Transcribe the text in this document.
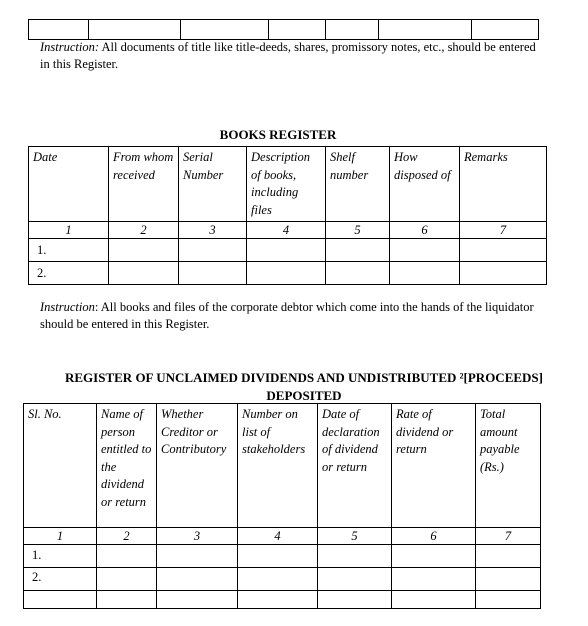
Instruction: All documents of title like title-deeds, shares, promissory notes, etc., should be entered in this Register.
BOOKS REGISTER
Date	From whom received	Serial Number	Description of books, including files	Shelf number	How disposed of	Remarks
1	2	3	4	5	6	7
1.						
2.						
Instruction: All books and files of the corporate debtor which come into the hands of the liquidator should be entered in this Register.
REGISTER OF UNCLAIMED DIVIDENDS AND UNDISTRIBUTED ²[PROCEEDS]
DEPOSITED
Sl. No.	Name of person entitled to the dividend or return	Whether Creditor or Contributory	Number on list of stakeholders	Date of declaration of dividend or return	Rate of dividend or return	Total amount payable (Rs.)
1	2	3	4	5	6	7
1.						
2.						
